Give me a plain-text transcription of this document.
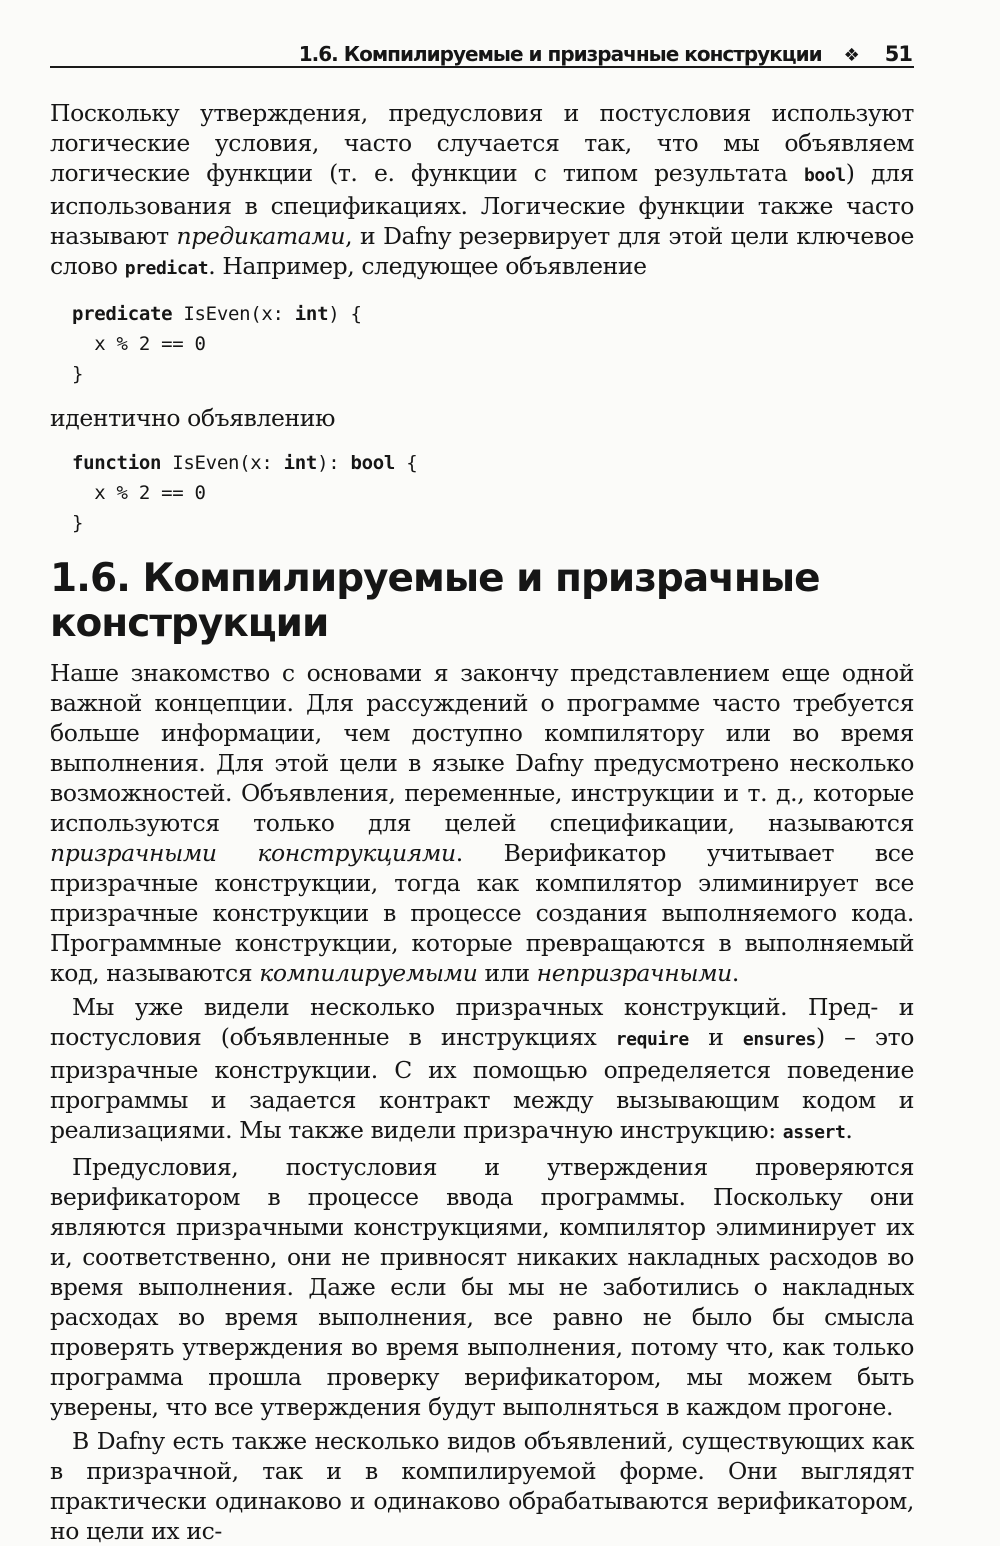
1.6. Компилируемые и призрачные конструкции ❖ 51

Поскольку утверждения, предусловия и постусловия используют логические условия, часто случается так, что мы объявляем логические функции (т. е. функции с типом результата bool) для использования в спецификациях. Логические функции также часто называют предикатами, и Dafny резервирует для этой цели ключевое слово predicat. Например, следующее объявление

predicate IsEven(x: int) {
x % 2 == 0
}

идентично объявлению

function IsEven(x: int): bool {
x % 2 == 0
}
1.6. Компилируемые и призрачные
конструкции

Наше знакомство с основами я закончу представлением еще одной важной концепции. Для рассуждений о программе часто требуется больше информации, чем доступно компилятору или во время выполнения. Для этой цели в языке Dafny предусмотрено несколько возможностей. Объявления, переменные, инструкции и т. д., которые используются только для целей спецификации, называются призрачными конструкциями. Верификатор учитывает все призрачные конструкции, тогда как компилятор элиминирует все призрачные конструкции в процессе создания выполняемого кода. Программные конструкции, которые превращаются в выполняемый код, называются компилируемыми или непризрачными.

Мы уже видели несколько призрачных конструкций. Пред- и постусловия (объявленные в инструкциях require и ensures) – это призрачные конструкции. С их помощью определяется поведение программы и задается контракт между вызывающим кодом и реализациями. Мы также видели призрачную инструкцию: assert.

Предусловия, постусловия и утверждения проверяются верификатором в процессе ввода программы. Поскольку они являются призрачными конструкциями, компилятор элиминирует их и, соответственно, они не привносят никаких накладных расходов во время выполнения. Даже если бы мы не заботились о накладных расходах во время выполнения, все равно не было бы смысла проверять утверждения во время выполнения, потому что, как только программа прошла проверку верификатором, мы можем быть уверены, что все утверждения будут выполняться в каждом прогоне.

В Dafny есть также несколько видов объявлений, существующих как в призрачной, так и в компилируемой форме. Они выглядят практически одинаково и одинаково обрабатываются верификатором, но цели их ис-
